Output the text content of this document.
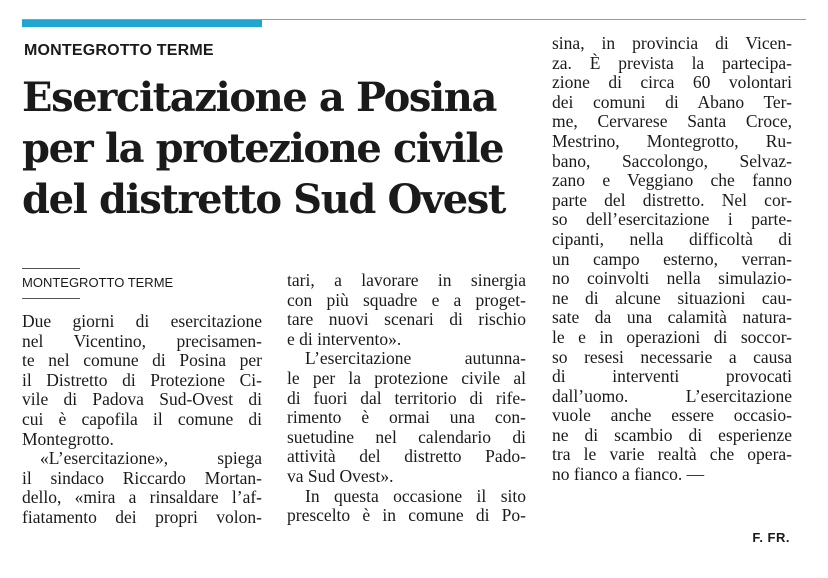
MONTEGROTTO TERME
Esercitazione a Posina
per la protezione civile
del distretto Sud Ovest
MONTEGROTTO TERME

Due giorni di esercitazione

nel Vicentino, precisamen-

te nel comune di Posina per

il Distretto di Protezione Ci-

vile di Padova Sud-Ovest di

cui è capofila il comune di

Montegrotto.

«L’esercitazione», spiega

il sindaco Riccardo Mortan-

dello, «mira a rinsaldare l’af-

fiatamento dei propri volon-

tari, a lavorare in sinergia

con più squadre e a proget-

tare nuovi scenari di rischio

e di intervento».

L’esercitazione autunna-

le per la protezione civile al

di fuori dal territorio di rife-

rimento è ormai una con-

suetudine nel calendario di

attività del distretto Pado-

va Sud Ovest».

In questa occasione il sito

prescelto è in comune di Po-

sina, in provincia di Vicen-

za. È prevista la partecipa-

zione di circa 60 volontari

dei comuni di Abano Ter-

me, Cervarese Santa Croce,

Mestrino, Montegrotto, Ru-

bano, Saccolongo, Selvaz-

zano e Veggiano che fanno

parte del distretto. Nel cor-

so dell’esercitazione i parte-

cipanti, nella difficoltà di

un campo esterno, verran-

no coinvolti nella simulazio-

ne di alcune situazioni cau-

sate da una calamità natura-

le e in operazioni di soccor-

so resesi necessarie a causa

di interventi provocati

dall’uomo. L’esercitazione

vuole anche essere occasio-

ne di scambio di esperienze

tra le varie realtà che opera-

no fianco a fianco. —

F. FR.
